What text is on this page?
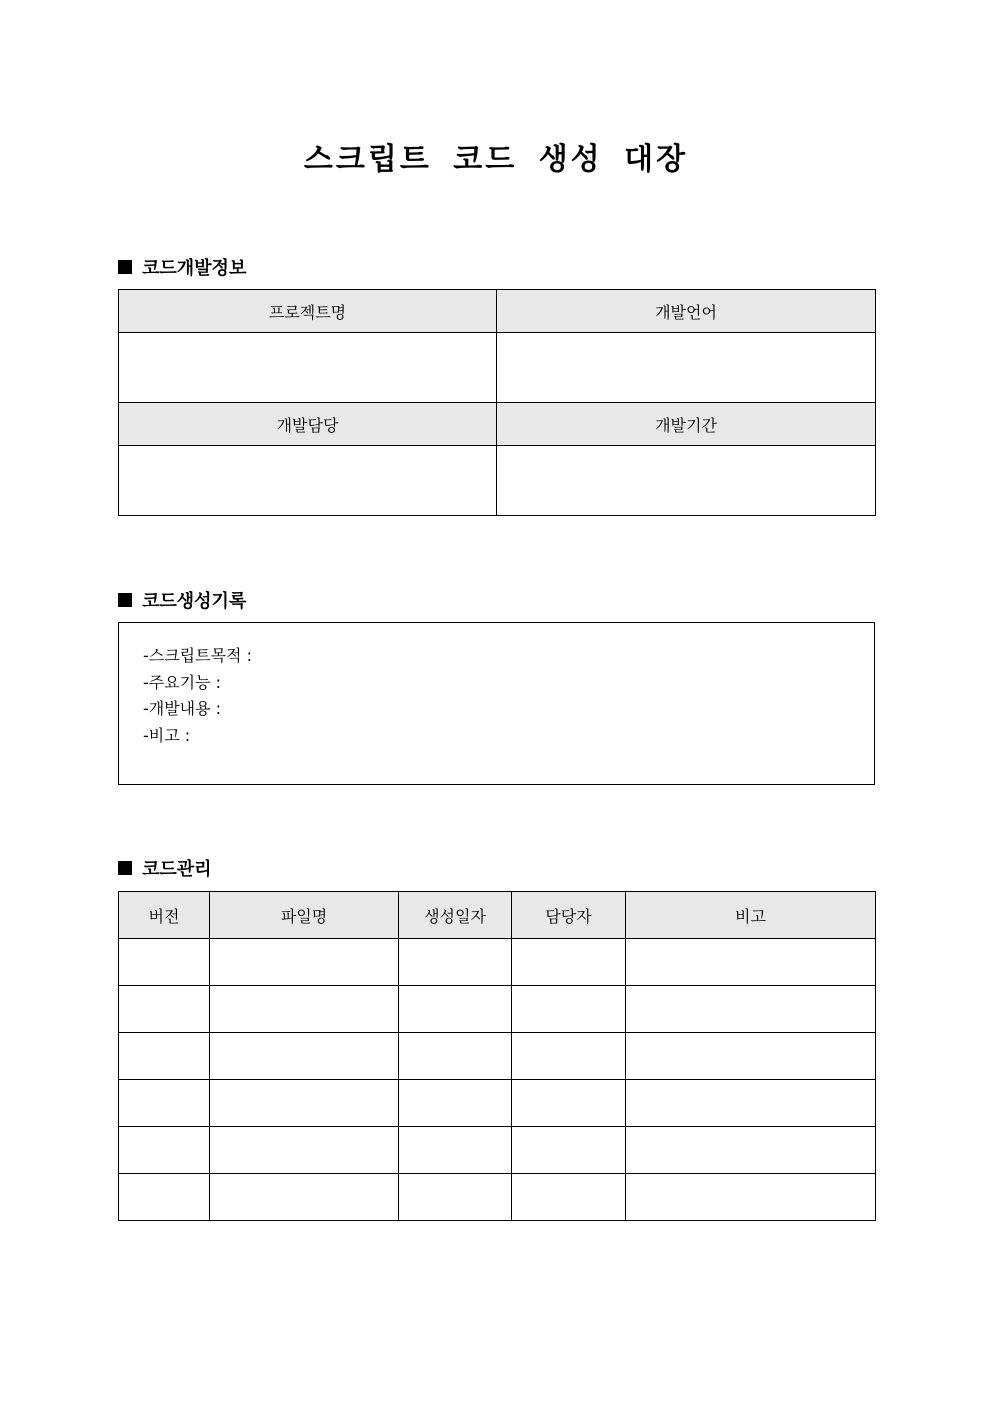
스크립트 코드 생성 대장
코드개발정보
프로젝트명	개발언어

개발담당	개발기간

코드생성기록
-스크립트목적 :
-주요기능 :
-개발내용 :
-비고 :
코드관리
버전	파일명	생성일자	담당자	비고
